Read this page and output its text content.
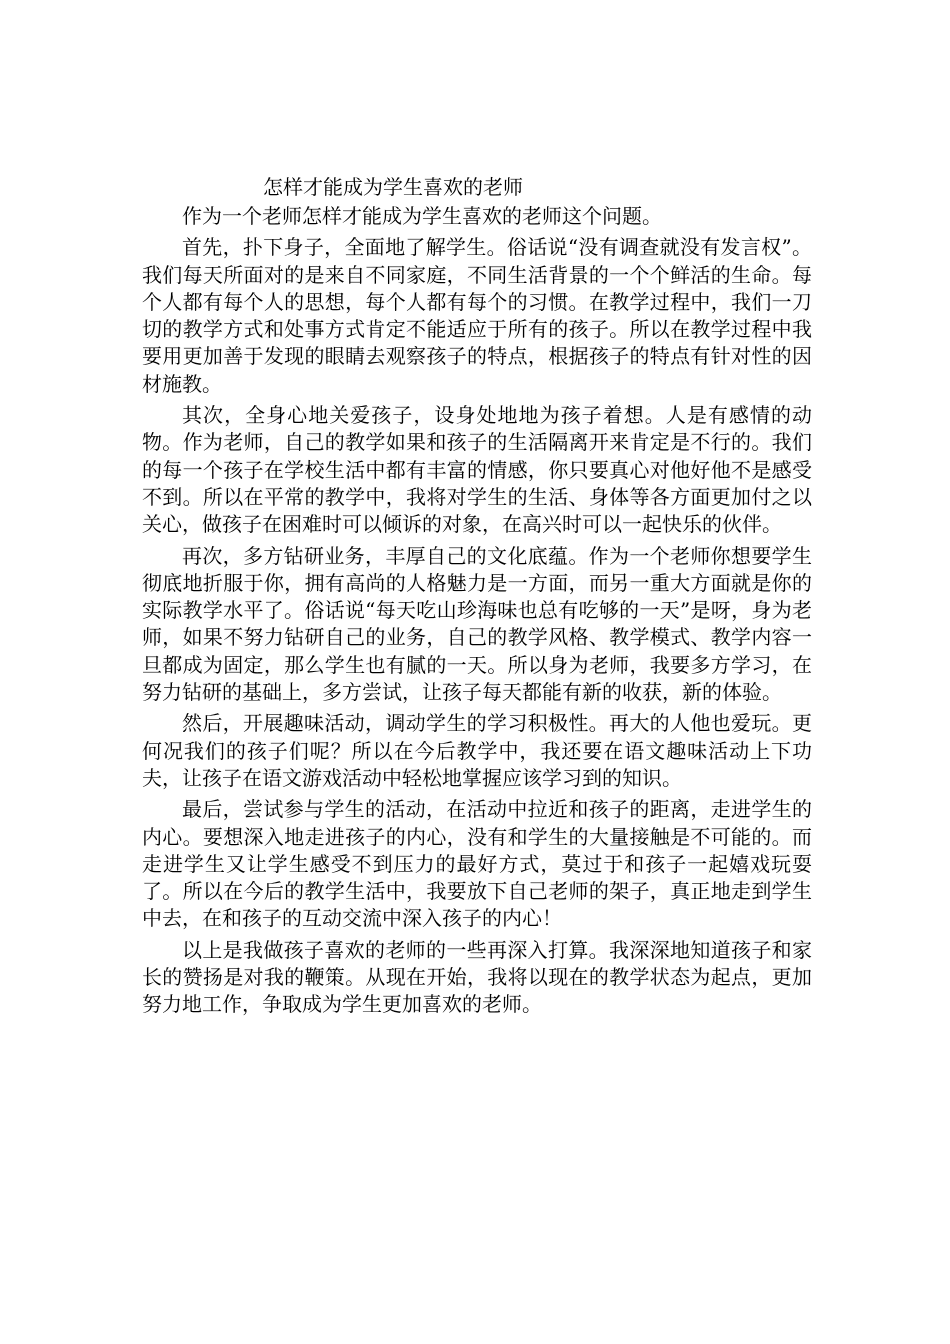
怎样才能成为学生喜欢的老师

作为一个老师怎样才能成为学生喜欢的老师这个问题。

首先，扑下身子，全面地了解学生。俗话说“没有调查就没有发言权”。我们每天所面对的是来自不同家庭，不同生活背景的一个个鲜活的生命。每个人都有每个人的思想，每个人都有每个的习惯。在教学过程中，我们一刀切的教学方式和处事方式肯定不能适应于所有的孩子。所以在教学过程中我要用更加善于发现的眼睛去观察孩子的特点，根据孩子的特点有针对性的因材施教。

其次，全身心地关爱孩子，设身处地地为孩子着想。人是有感情的动物。作为老师，自己的教学如果和孩子的生活隔离开来肯定是不行的。我们的每一个孩子在学校生活中都有丰富的情感，你只要真心对他好他不是感受不到。所以在平常的教学中，我将对学生的生活、身体等各方面更加付之以关心，做孩子在困难时可以倾诉的对象，在高兴时可以一起快乐的伙伴。

再次，多方钻研业务，丰厚自己的文化底蕴。作为一个老师你想要学生彻底地折服于你，拥有高尚的人格魅力是一方面，而另一重大方面就是你的实际教学水平了。俗话说“每天吃山珍海味也总有吃够的一天”是呀，身为老师，如果不努力钻研自己的业务，自己的教学风格、教学模式、教学内容一旦都成为固定，那么学生也有腻的一天。所以身为老师，我要多方学习，在努力钻研的基础上，多方尝试，让孩子每天都能有新的收获，新的体验。

然后，开展趣味活动，调动学生的学习积极性。再大的人他也爱玩。更何况我们的孩子们呢？所以在今后教学中，我还要在语文趣味活动上下功夫，让孩子在语文游戏活动中轻松地掌握应该学习到的知识。

最后，尝试参与学生的活动，在活动中拉近和孩子的距离，走进学生的内心。要想深入地走进孩子的内心，没有和学生的大量接触是不可能的。而走进学生又让学生感受不到压力的最好方式，莫过于和孩子一起嬉戏玩耍了。所以在今后的教学生活中，我要放下自己老师的架子，真正地走到学生中去，在和孩子的互动交流中深入孩子的内心！

以上是我做孩子喜欢的老师的一些再深入打算。我深深地知道孩子和家长的赞扬是对我的鞭策。从现在开始，我将以现在的教学状态为起点，更加努力地工作，争取成为学生更加喜欢的老师。
